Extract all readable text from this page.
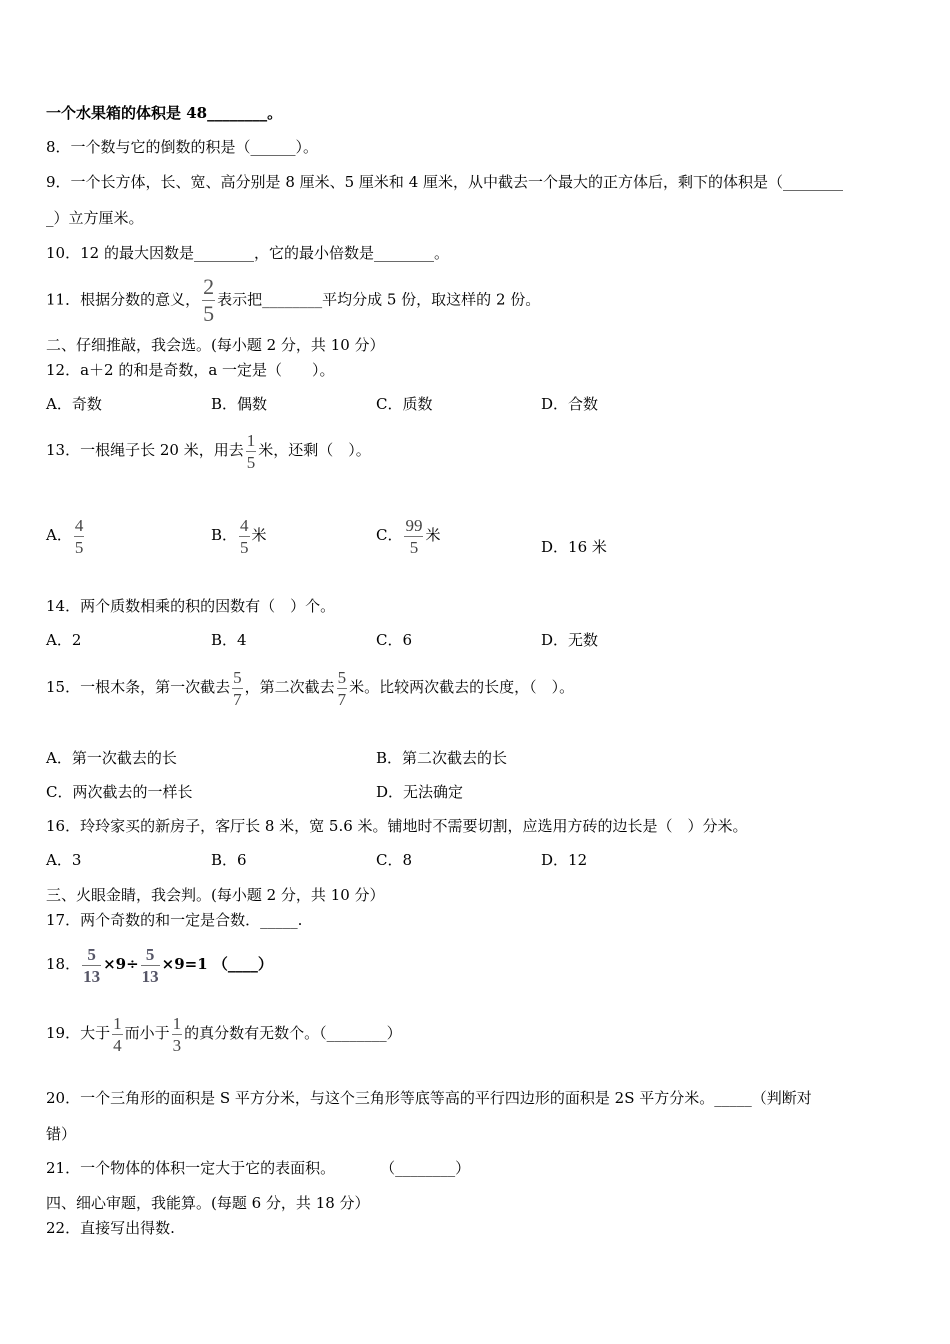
一个水果箱的体积是 48________。
8．一个数与它的倒数的积是（______）。
9．一个长方体，长、宽、高分别是 8 厘米、5 厘米和 4 厘米，从中截去一个最大的正方体后，剩下的体积是（________
_）立方厘米。
10．12 的最大因数是________，它的最小倍数是________。
11．根据分数的意义， $\frac{2}{5}$ 表示把________平均分成 5 份，取这样的 2 份。
二、仔细推敲，我会选。(每小题 2 分，共 10 分）
12．a＋2 的和是奇数，a 一定是（　　）。
A．奇数	B．偶数	C．质数	D．合数
13．一根绳子长 20 米，用去 $\frac{1}{5}$ 米，还剩（　）。
A． $\frac{4}{5}$	B． $\frac{4}{5}$ 米	C． $\frac{99}{5}$ 米
D．16 米
14．两个质数相乘的积的因数有（　）个。
A．2	B．4	C．6	D．无数
15．一根木条，第一次截去 $\frac{5}{7}$ ，第二次截去 $\frac{5}{7}$ 米。比较两次截去的长度，（　）。
A．第一次截去的长	B．第二次截去的长
C．两次截去的一样长	D．无法确定
16．玲玲家买的新房子，客厅长 8 米，宽 5.6 米。铺地时不需要切割，应选用方砖的边长是（　）分米。
A．3	B．6	C．8	D．12
三、火眼金睛，我会判。(每小题 2 分，共 10 分）
17．两个奇数的和一定是合数．_____.
18． $\frac{5}{13} \times 9\div \frac{5}{13} \times 9=1$ （____）
19．大于 $\frac{1}{4}$ 而小于 $\frac{1}{3}$ 的真分数有无数个。（________）
20．一个三角形的面积是 S 平方分米，与这个三角形等底等高的平行四边形的面积是 2S 平方分米。_____（判断对
错）
21．一个物体的体积一定大于它的表面积。　　　　（________）
四、细心审题，我能算。(每题 6 分，共 18 分）
22．直接写出得数.
